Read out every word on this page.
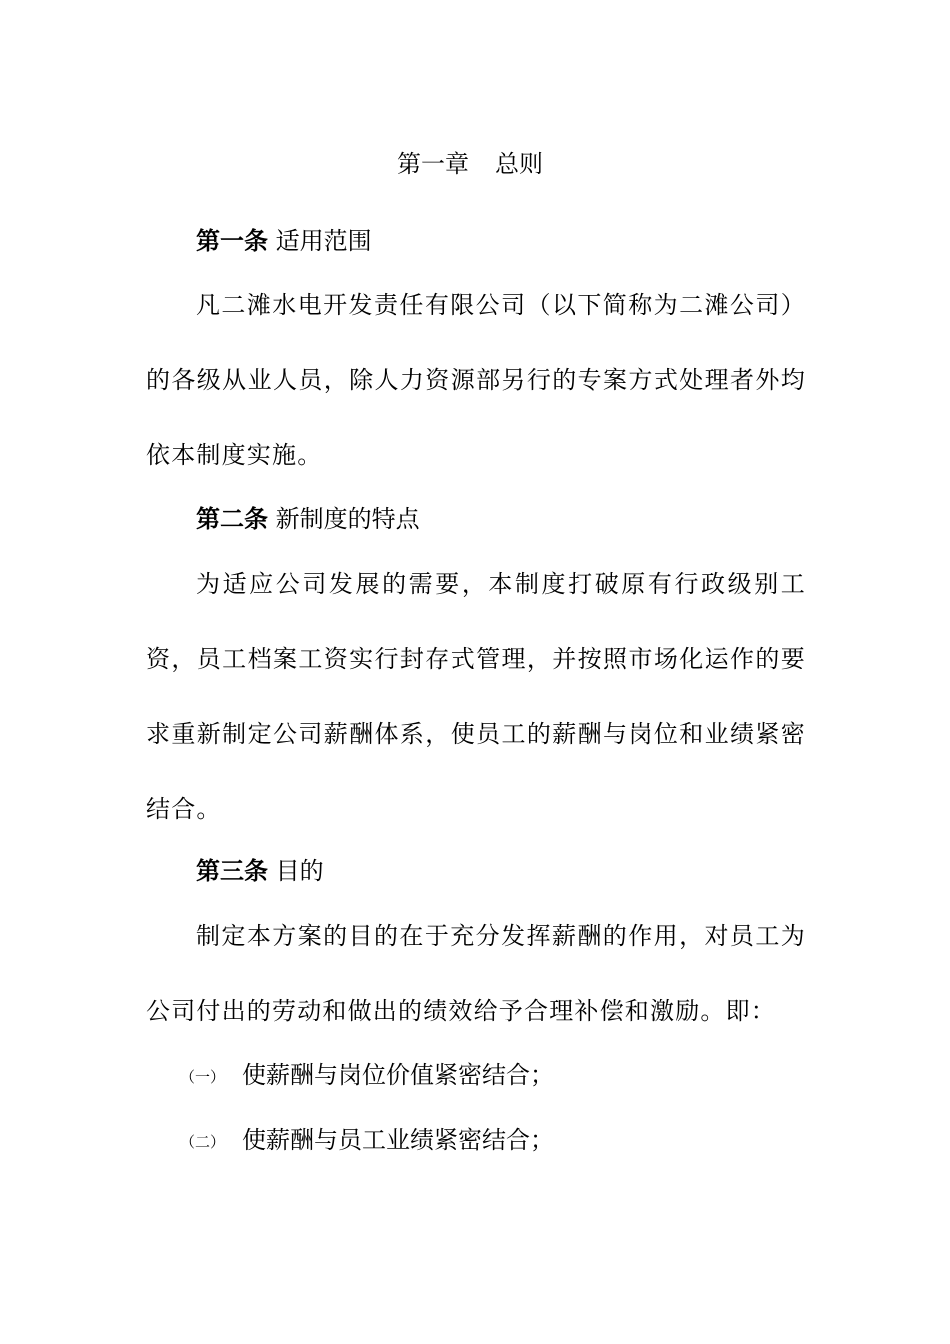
第一章 总则
第一条 适用范围
凡二滩水电开发责任有限公司（以下简称为二滩公司）的各级从业人员，除人力资源部另行的专案方式处理者外均依本制度实施。
第二条 新制度的特点
为适应公司发展的需要，本制度打破原有行政级别工资，员工档案工资实行封存式管理，并按照市场化运作的要求重新制定公司薪酬体系，使员工的薪酬与岗位和业绩紧密结合。
第三条 目的
制定本方案的目的在于充分发挥薪酬的作用，对员工为公司付出的劳动和做出的绩效给予合理补偿和激励。即：
（一） 使薪酬与岗位价值紧密结合；
（二） 使薪酬与员工业绩紧密结合；
